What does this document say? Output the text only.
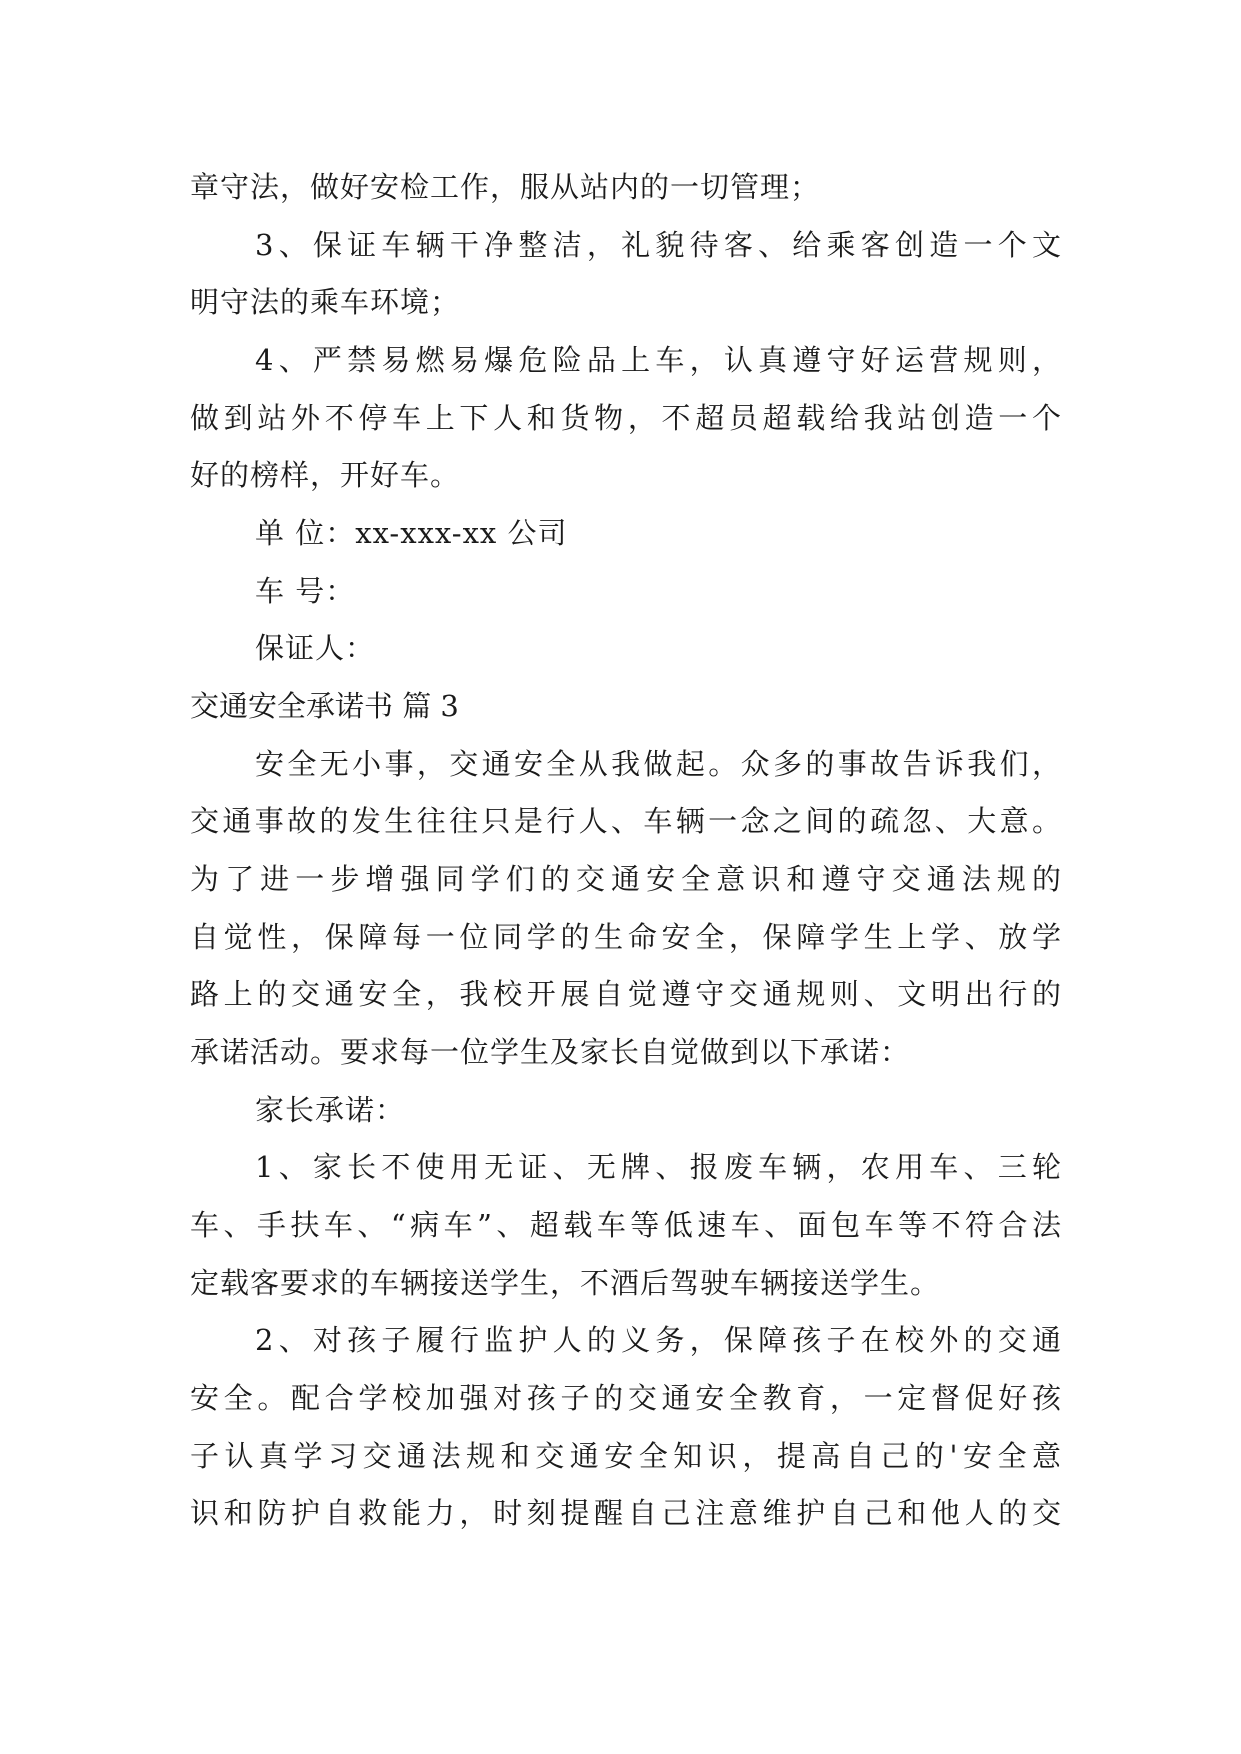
章守法，做好安检工作，服从站内的一切管理；
3、保证车辆干净整洁，礼貌待客、给乘客创造一个文
明守法的乘车环境；
4、严禁易燃易爆危险品上车，认真遵守好运营规则，
做到站外不停车上下人和货物，不超员超载给我站创造一个
好的榜样，开好车。
单 位：xx-xxx-xx 公司
车 号：
保证人：
交通安全承诺书 篇 3
安全无小事，交通安全从我做起。众多的事故告诉我们，
交通事故的发生往往只是行人、车辆一念之间的疏忽、大意。
为了进一步增强同学们的交通安全意识和遵守交通法规的
自觉性，保障每一位同学的生命安全，保障学生上学、放学
路上的交通安全，我校开展自觉遵守交通规则、文明出行的
承诺活动。要求每一位学生及家长自觉做到以下承诺：
家长承诺：
1、家长不使用无证、无牌、报废车辆，农用车、三轮
车、手扶车、“病车”、超载车等低速车、面包车等不符合法
定载客要求的车辆接送学生，不酒后驾驶车辆接送学生。
2、对孩子履行监护人的义务，保障孩子在校外的交通
安全。配合学校加强对孩子的交通安全教育，一定督促好孩
子认真学习交通法规和交通安全知识，提高自己的'安全意
识和防护自救能力，时刻提醒自己注意维护自己和他人的交
